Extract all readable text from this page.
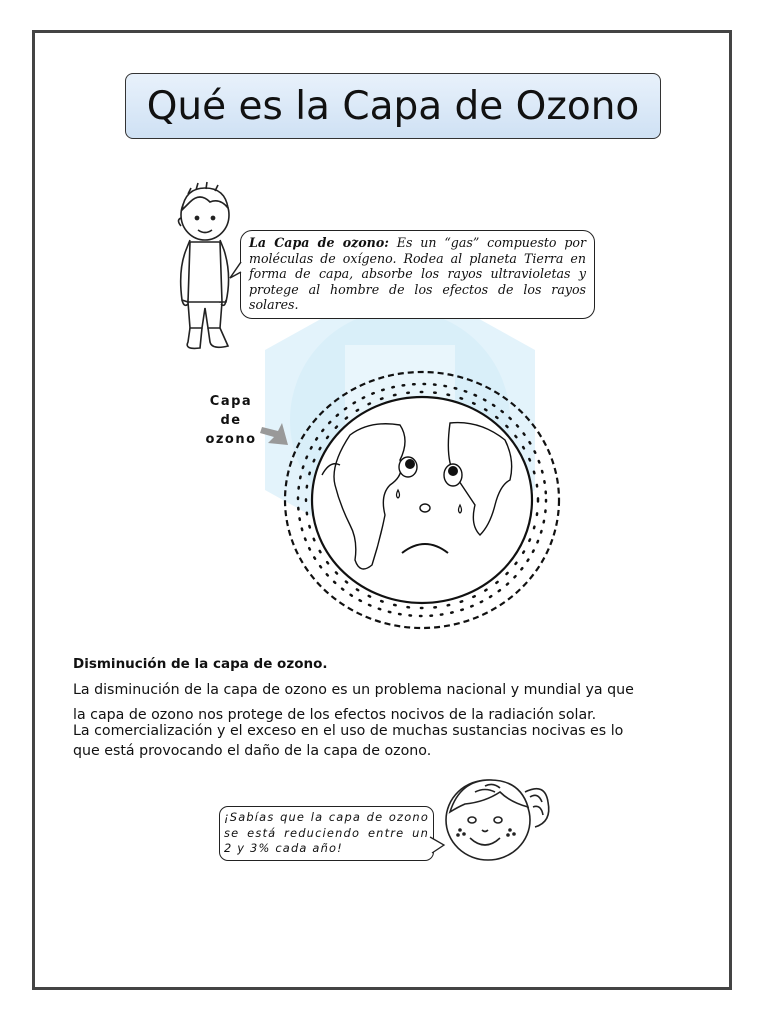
Qué es la Capa de Ozono
La Capa de ozono: Es un “gas” compuesto por moléculas de oxígeno. Rodea al planeta Tierra en forma de capa, absorbe los rayos ultravioletas y protege al hombre de los efectos de los rayos solares.
Capa
de
ozono
Disminución de la capa de ozono.
La disminución de la capa de ozono es un problema nacional y mundial ya que
la capa de ozono nos protege de los efectos nocivos de la radiación solar.
La comercialización y el exceso en el uso de muchas sustancias nocivas es lo
que está provocando el daño de la capa de ozono.
¡Sabías que la capa de ozono se está reduciendo entre un 2 y 3% cada año!
